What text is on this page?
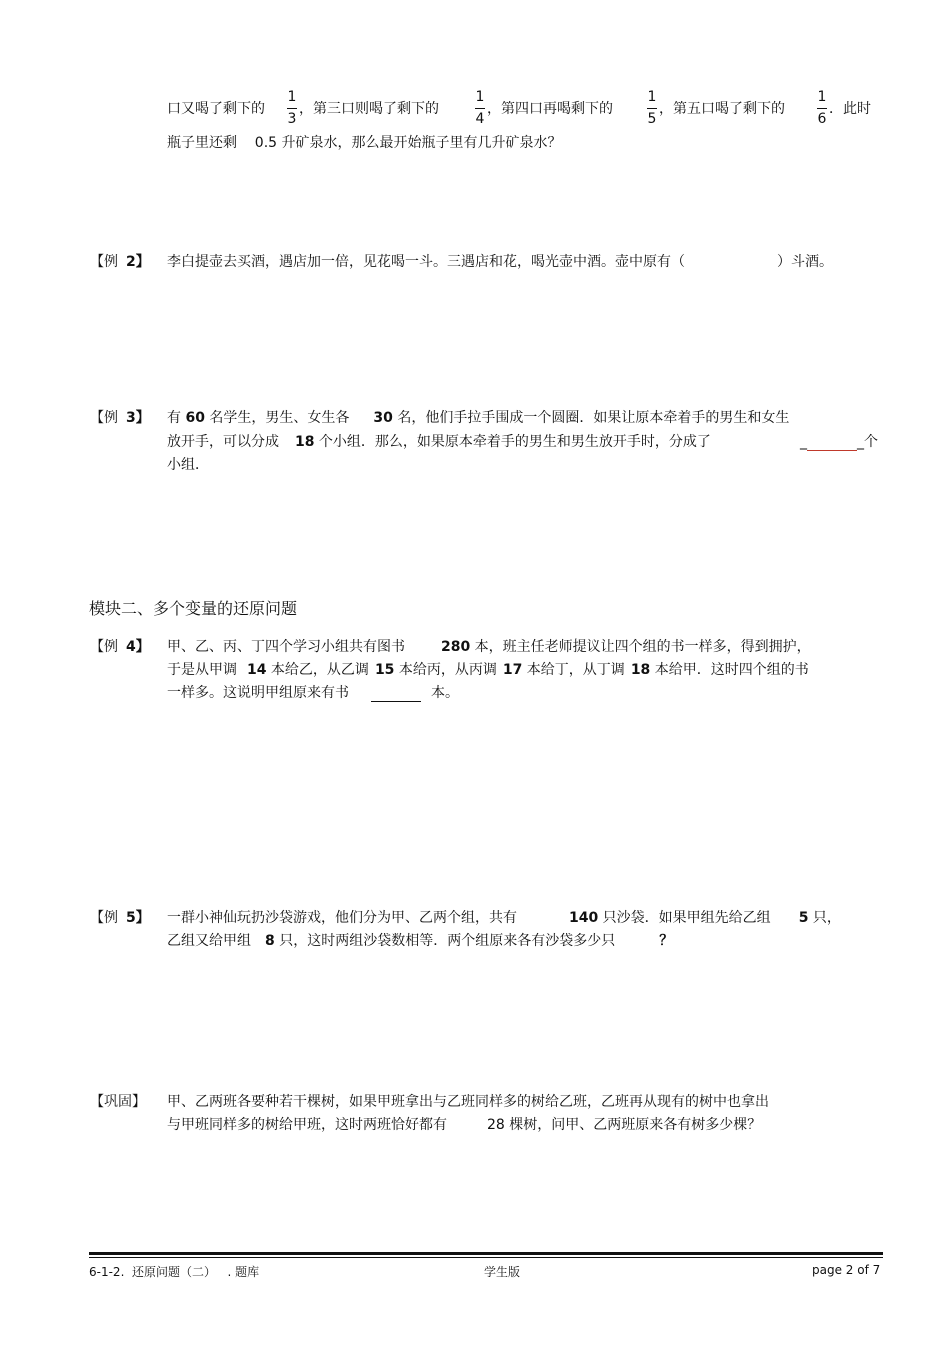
口又喝了剩下的
1
3
，第三口则喝了剩下的
1
4
，第四口再喝剩下的
1
5
，第五口喝了剩下的
1
6
．此时
瓶子里还剩    0.5 升矿泉水，那么最开始瓶子里有几升矿泉水？
【例 2】 李白提壶去买酒，遇店加一倍，见花喝一斗。三遇店和花，喝光壶中酒。壶中原有（	）斗酒。
【例 3】 有 60 名学生，男生、女生各 30 名，他们手拉手围成一个圆圈．如果让原本牵着手的男生和女生
放开手，可以分成 18 个小组．那么，如果原本牵着手的男生和男生放开手时，分成了	_	_个
小组．
模块二、多个变量的还原问题
【例 4】 甲、乙、丙、丁四个学习小组共有图书	280 本，班主任老师提议让四个组的书一样多，得到拥护，
于是从甲调 14 本给乙，从乙调 15 本给丙，从丙调 17 本给丁，从丁调 18 本给甲．这时四个组的书
一样多。这说明甲组原来有书	本。
【例 5】 一群小神仙玩扔沙袋游戏，他们分为甲、乙两个组，共有	140 只沙袋．如果甲组先给乙组 5 只，
乙组又给甲组 8 只，这时两组沙袋数相等．两个组原来各有沙袋多少只	？
【巩固】 甲、乙两班各要种若干棵树，如果甲班拿出与乙班同样多的树给乙班，乙班再从现有的树中也拿出
与甲班同样多的树给甲班，这时两班恰好都有	28 棵树，问甲、乙两班原来各有树多少棵？
6-1-2.  还原问题（二）   . 题库	学生版	page 2 of 7
